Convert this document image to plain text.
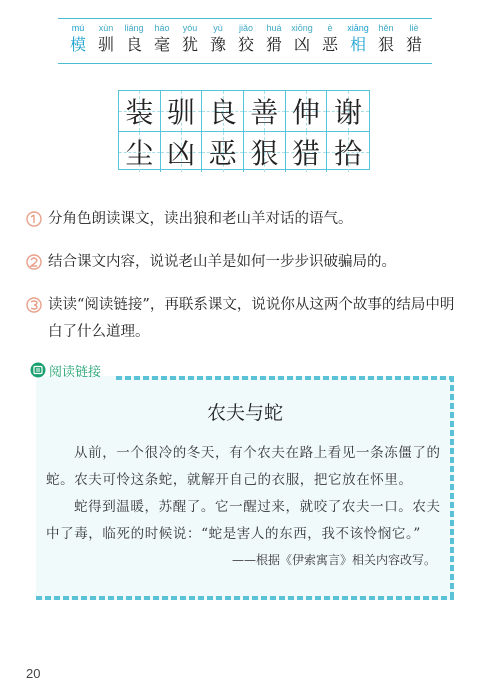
mú
模
xùn
驯
liáng
良
háo
毫
yóu
犹
yù
豫
jiǎo
狡
huá
猾
xiōng
凶
è
恶
xiāng
相
hěn
狠
liè
猎
装 驯 良 善 伸 谢
尘 凶 恶 狠 猎 拾
分角色朗读课文，读出狼和老山羊对话的语气。
结合课文内容，说说老山羊是如何一步步识破骗局的。
读读“阅读链接”，再联系课文，说说你从这两个故事的结局中明白了什么道理。
阅读链接
农夫与蛇
从前，一个很冷的冬天，有个农夫在路上看见一条冻僵了的蛇。农夫可怜这条蛇，就解开自己的衣服，把它放在怀里。
蛇得到温暖，苏醒了。它一醒过来，就咬了农夫一口。农夫中了毒，临死的时候说：“蛇是害人的东西，我不该怜悯它。”
——根据《伊索寓言》相关内容改写。
20
